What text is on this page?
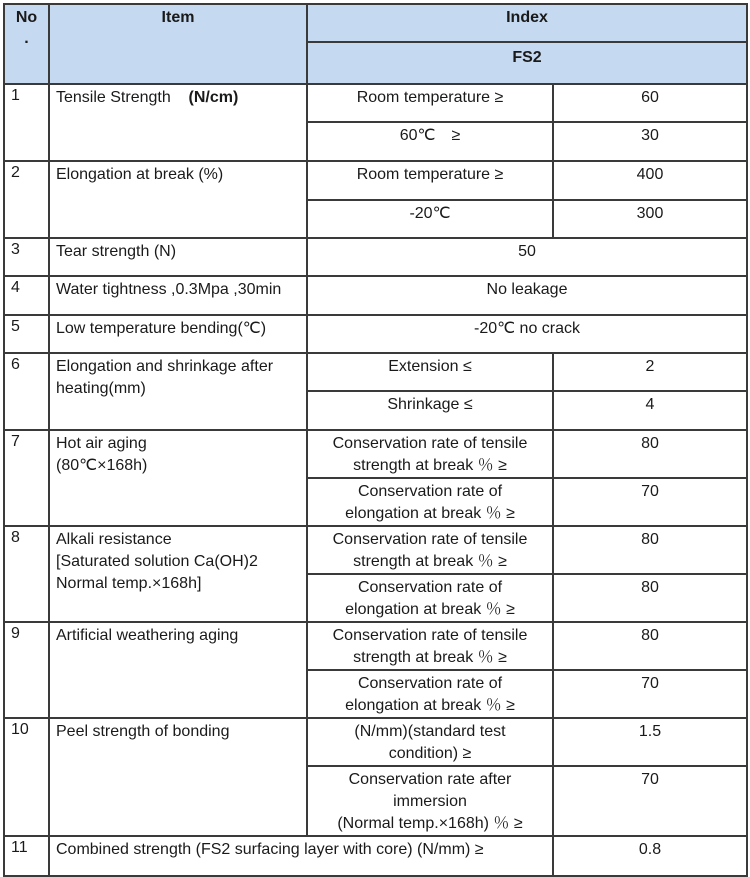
No
.	Item	Index	
		FS2	
1	Tensile Strength (N/cm)	Room temperature ≥	60
		60℃　≥	30
2	Elongation at break (%)	Room temperature ≥	400
		-20℃	300
3	Tear strength (N)	50	
4	Water tightness ,0.3Mpa ,30min	No leakage	
5	Low temperature bending(℃)	-20℃ no crack	
6	Elongation and shrinkage after heating(mm)	Extension ≤	2
		Shrinkage ≤	4
7	Hot air aging
(80℃×168h)	Conservation rate of tensile strength at break ％ ≥	80
		Conservation rate of elongation at break ％ ≥	70
8	Alkali resistance
[Saturated solution Ca(OH)2
Normal temp.×168h]	Conservation rate of tensile strength at break ％ ≥	80
		Conservation rate of elongation at break ％ ≥	80
9	Artificial weathering aging	Conservation rate of tensile strength at break ％ ≥	80
		Conservation rate of elongation at break ％ ≥	70
10	Peel strength of bonding	(N/mm)(standard test condition) ≥	1.5
		Conservation rate after immersion
(Normal temp.×168h) ％ ≥	70
11	Combined strength (FS2 surfacing layer with core) (N/mm) ≥		0.8
